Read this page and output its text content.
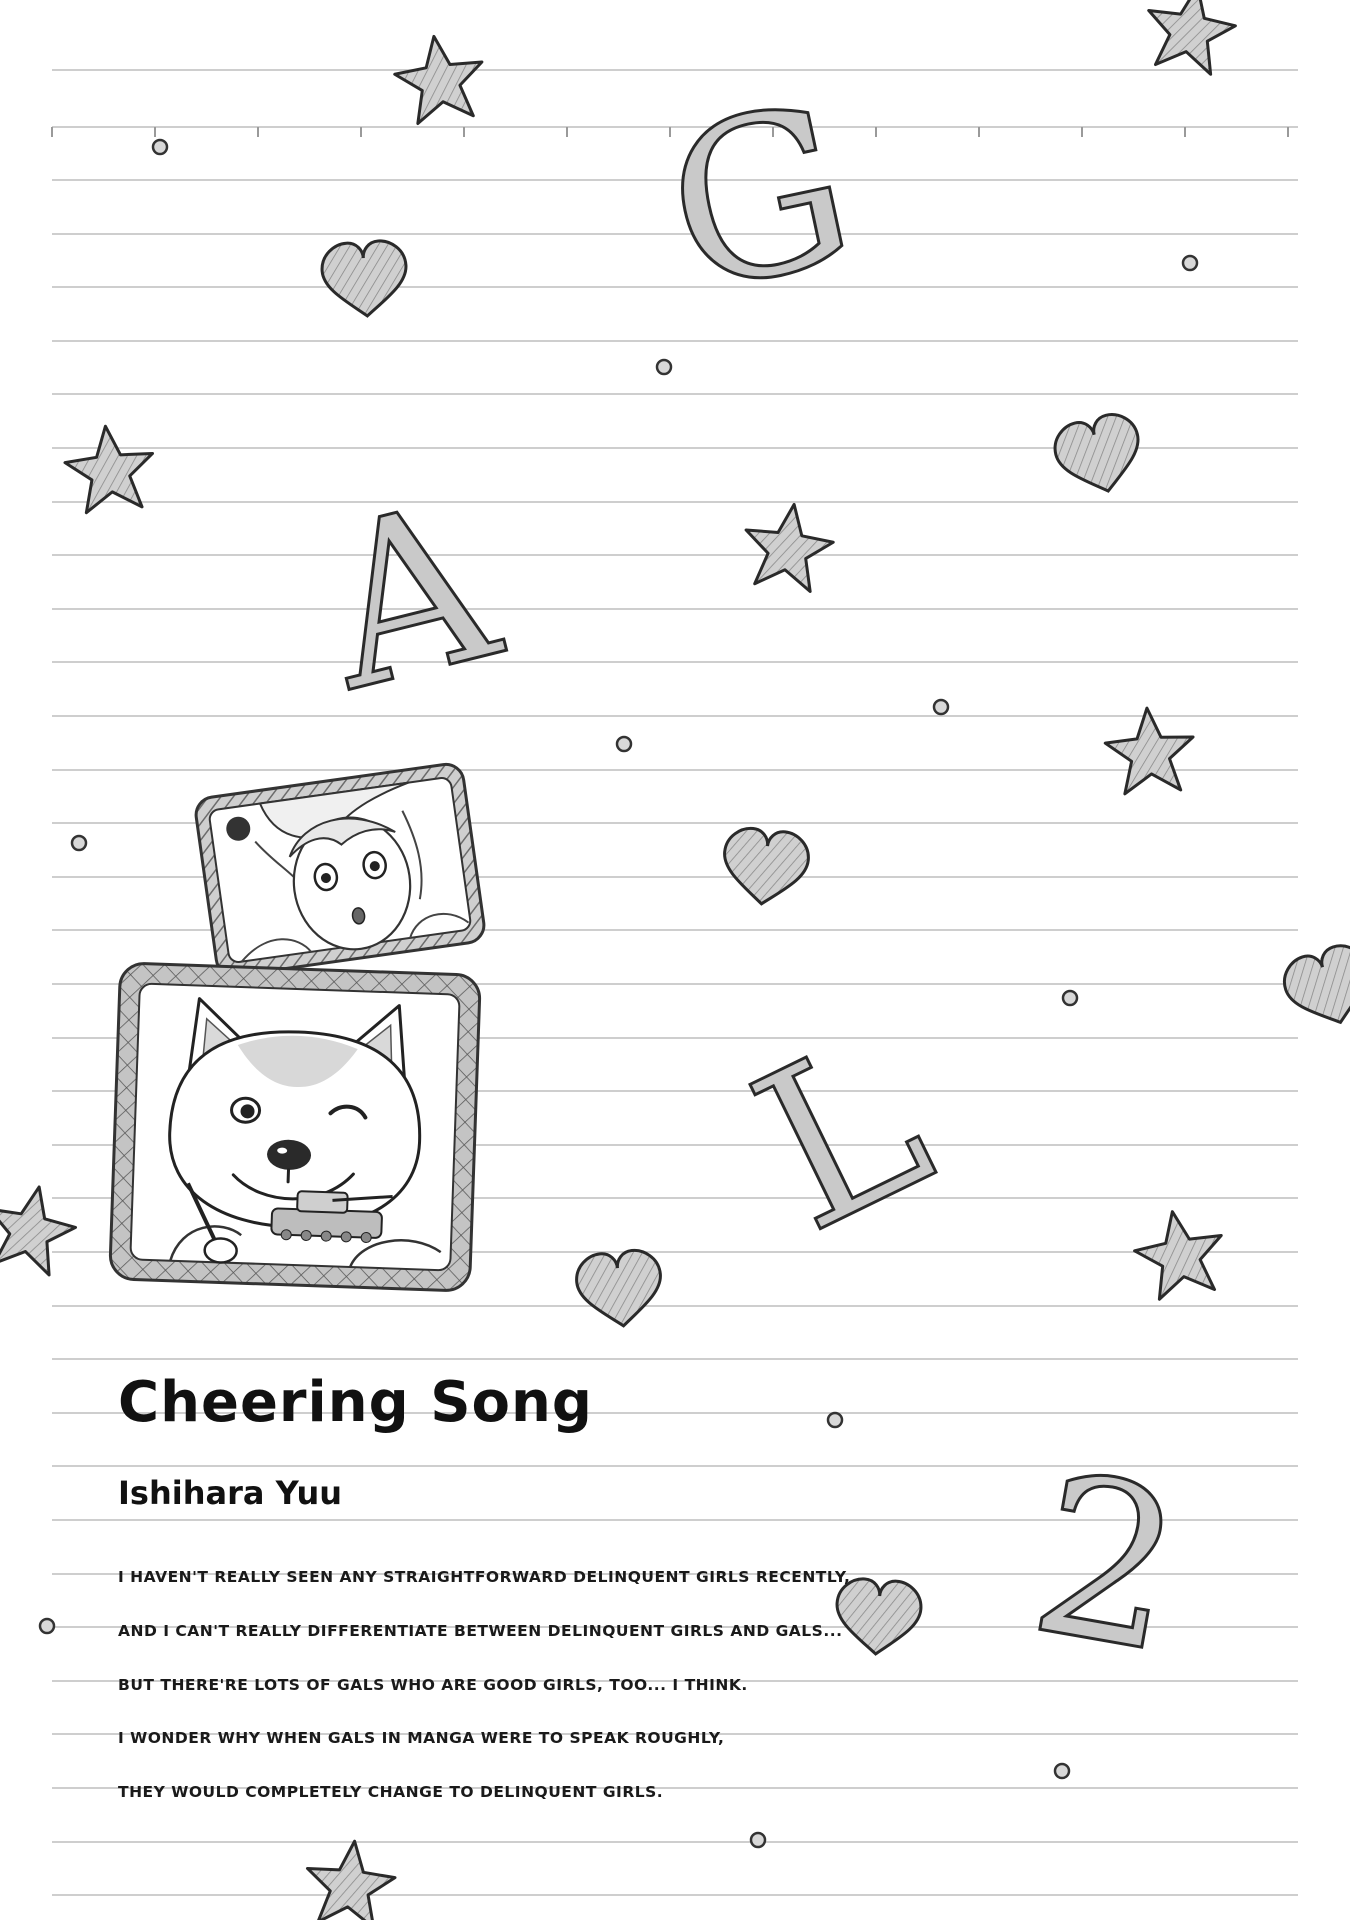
G
A
L
2
Cheering Song
Ishihara Yuu

I HAVEN'T REALLY SEEN ANY STRAIGHTFORWARD DELINQUENT GIRLS RECENTLY,

AND I CAN'T REALLY DIFFERENTIATE BETWEEN DELINQUENT GIRLS AND GALS...

BUT THERE'RE LOTS OF GALS WHO ARE GOOD GIRLS, TOO... I THINK.

I WONDER WHY WHEN GALS IN MANGA WERE TO SPEAK ROUGHLY,

THEY WOULD COMPLETELY CHANGE TO DELINQUENT GIRLS.
